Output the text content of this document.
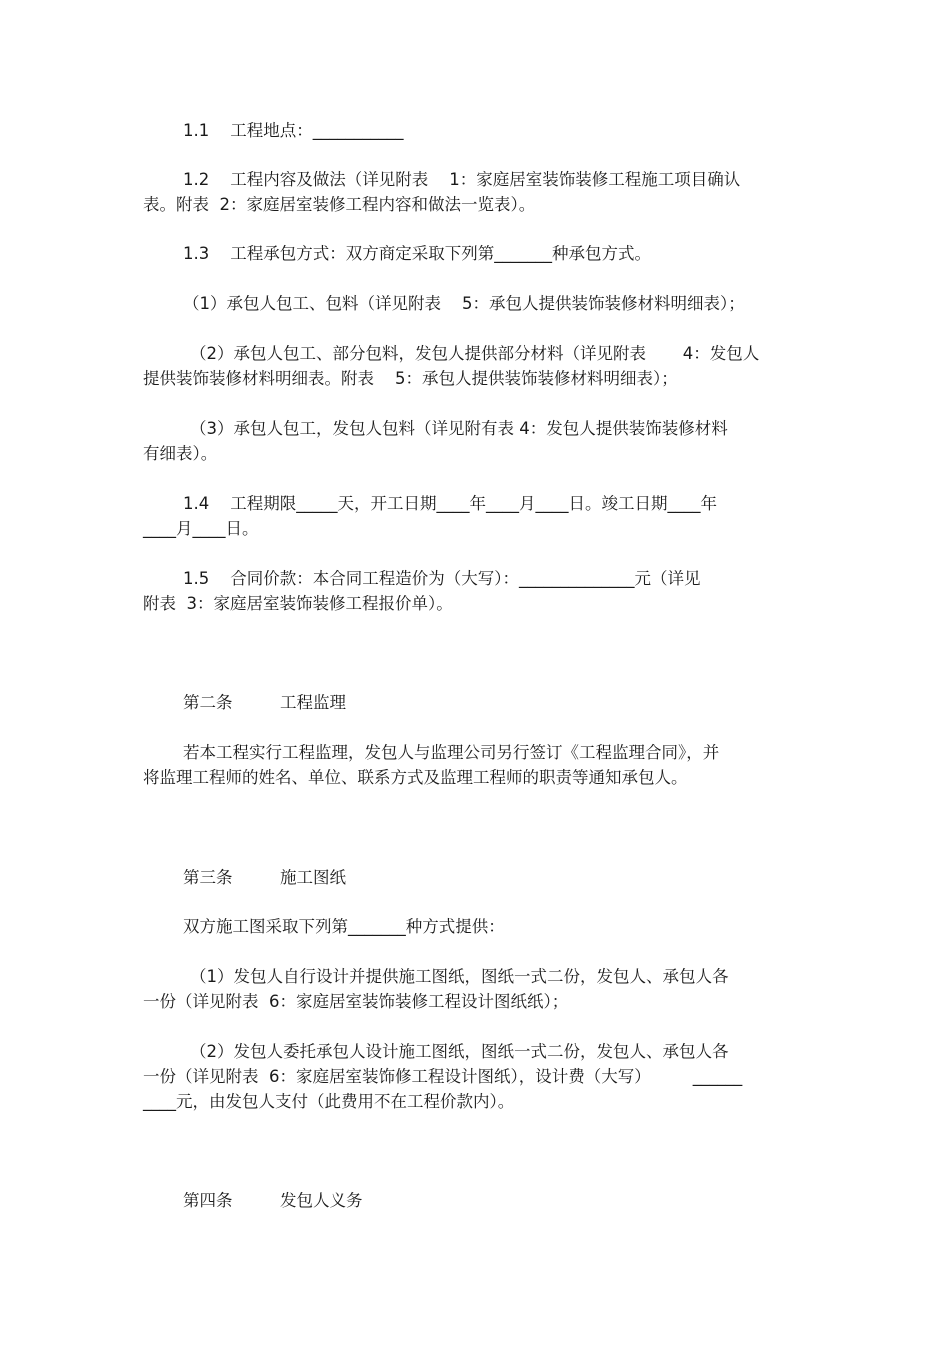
1.1    工程地点：___________
1.2    工程内容及做法（详见附表    1：家庭居室装饰装修工程施工项目确认
表。附表  2：家庭居室装修工程内容和做法一览表）。
1.3    工程承包方式：双方商定采取下列第_______种承包方式。
（1）承包人包工、包料（详见附表    5：承包人提供装饰装修材料明细表）；
（2）承包人包工、部分包料，发包人提供部分材料（详见附表       4：发包人
提供装饰装修材料明细表。附表    5：承包人提供装饰装修材料明细表）；
（3）承包人包工，发包人包料（详见附有表 4：发包人提供装饰装修材料
有细表）。
1.4    工程期限_____天，开工日期____年____月____日。竣工日期____年
____月____日。
1.5    合同价款：本合同工程造价为（大写）：______________元（详见
附表  3：家庭居室装饰装修工程报价单）。
第二条	工程监理
若本工程实行工程监理，发包人与监理公司另行签订《工程监理合同》，并
将监理工程师的姓名、单位、联系方式及监理工程师的职责等通知承包人。
第三条	施工图纸
双方施工图采取下列第_______种方式提供：
（1）发包人自行设计并提供施工图纸，图纸一式二份，发包人、承包人各
一份（详见附表  6：家庭居室装饰装修工程设计图纸纸）；
（2）发包人委托承包人设计施工图纸，图纸一式二份，发包人、承包人各
一份（详见附表  6：家庭居室装饰修工程设计图纸），设计费（大写）        ______
____元，由发包人支付（此费用不在工程价款内）。
第四条	发包人义务
